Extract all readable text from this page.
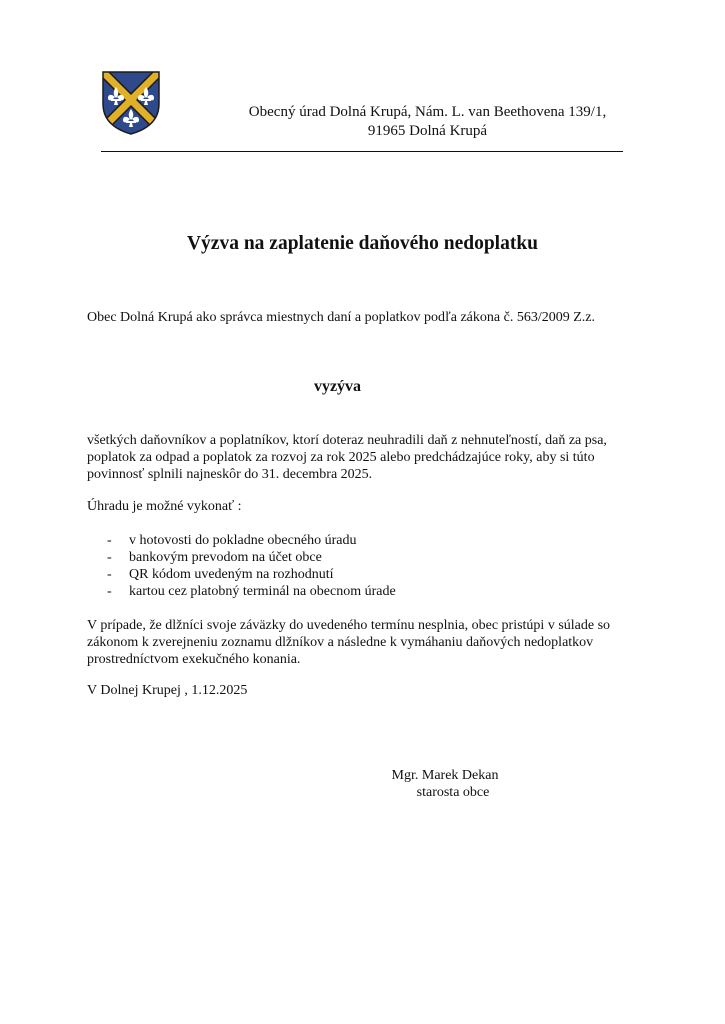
Obecný úrad Dolná Krupá, Nám. L. van Beethovena 139/1,
91965 Dolná Krupá
Výzva na zaplatenie daňového nedoplatku
Obec Dolná Krupá ako správca miestnych daní a poplatkov podľa zákona č. 563/2009 Z.z.
vyzýva
všetkých daňovníkov a poplatníkov, ktorí doteraz neuhradili daň z nehnuteľností, daň za psa, poplatok za odpad a poplatok za rozvoj za rok 2025 alebo predchádzajúce roky, aby si túto povinnosť splnili najneskôr do 31. decembra 2025.
Úhradu je možné vykonať :
- v hotovosti do pokladne obecného úradu
- bankovým prevodom na účet obce
- QR kódom uvedeným na rozhodnutí
- kartou cez platobný terminál na obecnom úrade
V prípade, že dlžníci svoje záväzky do uvedeného termínu nesplnia, obec pristúpi v súlade so zákonom k zverejneniu zoznamu dlžníkov a následne k vymáhaniu daňových nedoplatkov prostredníctvom exekučného konania.
V Dolnej Krupej , 1.12.2025
Mgr. Marek Dekan
starosta obce
